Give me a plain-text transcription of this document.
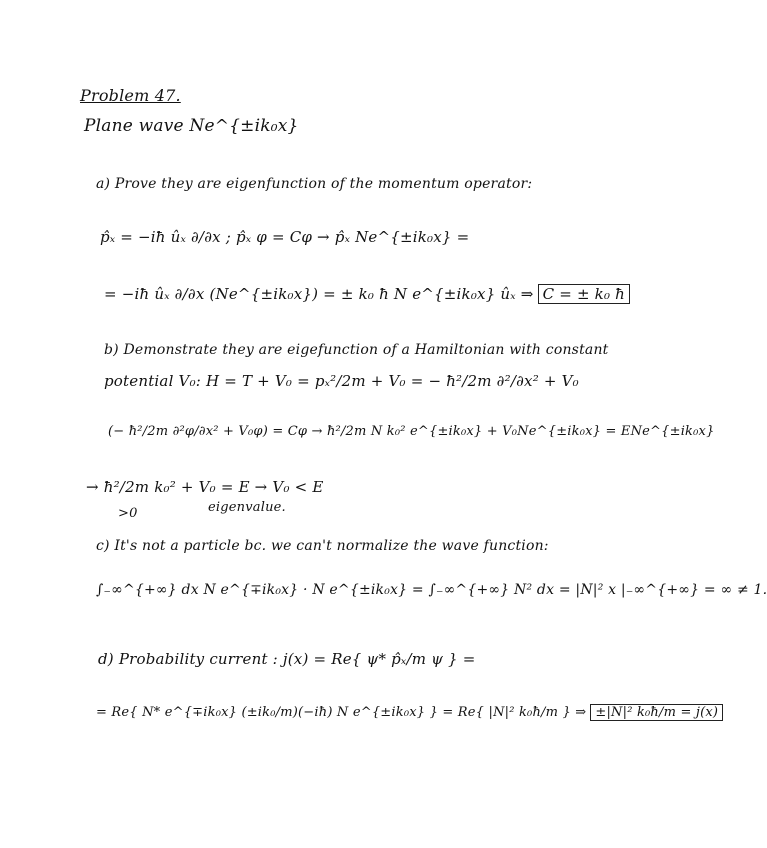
Problem 47.
Plane wave Ne^{±ik₀x}
a) Prove they are eigenfunction of the momentum operator:
p̂ₓ = −iħ ûₓ ∂/∂x ; p̂ₓ φ = Cφ → p̂ₓ Ne^{±ik₀x} =
= −iħ ûₓ ∂/∂x (Ne^{±ik₀x}) = ± k₀ ħ N e^{±ik₀x} ûₓ ⇒ C = ± k₀ ħ
b) Demonstrate they are eigefunction of a Hamiltonian with constant
potential V₀: H = T + V₀ = pₓ²/2m + V₀ = − ħ²/2m ∂²/∂x² + V₀
(− ħ²/2m ∂²φ/∂x² + V₀φ) = Cφ → ħ²/2m N k₀² e^{±ik₀x} + V₀Ne^{±ik₀x} = ENe^{±ik₀x}
→ ħ²/2m k₀² + V₀ = E → V₀ < E
>0	eigenvalue.
c) It's not a particle bc. we can't normalize the wave function:
∫₋∞^{+∞} dx N e^{∓ik₀x} · N e^{±ik₀x} = ∫₋∞^{+∞} N² dx = |N|² x |₋∞^{+∞} = ∞ ≠ 1.
d) Probability current : j(x) = Re{ ψ* p̂ₓ/m ψ } =
= Re{ N* e^{∓ik₀x} (±ik₀/m)(−iħ) N e^{±ik₀x} } = Re{ |N|² k₀ħ/m } ⇒ ±|N|² k₀ħ/m = j(x)
